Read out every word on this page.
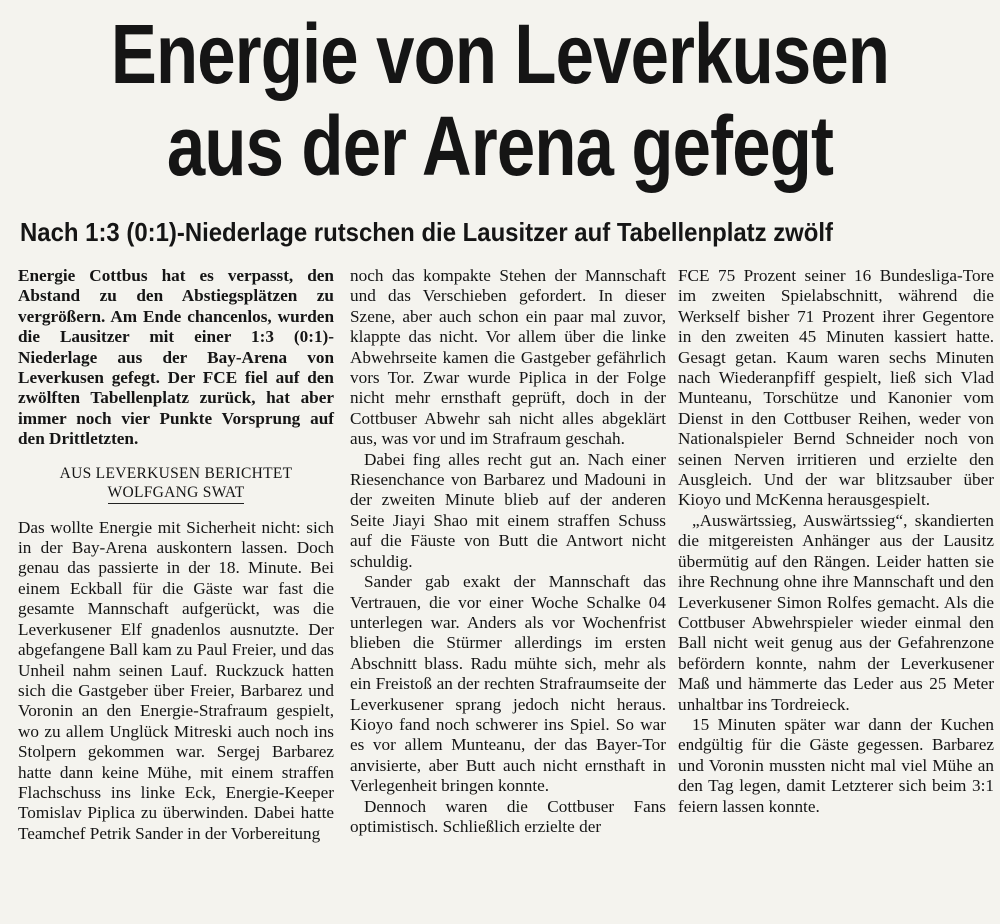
Energie von Leverkusen
aus der Arena gefegt
Nach 1:3 (0:1)-Niederlage rutschen die Lausitzer auf Tabellenplatz zwölf

Energie Cottbus hat es verpasst, den Abstand zu den Abstiegsplätzen zu vergrößern. Am Ende chancenlos, wurden die Lausitzer mit einer 1:3 (0:1)-Niederlage aus der Bay-Arena von Leverkusen gefegt. Der FCE fiel auf den zwölften Tabellenplatz zurück, hat aber immer noch vier Punkte Vorsprung auf den Drittletzten.

AUS LEVERKUSEN BERICHTET
WOLFGANG SWAT

Das wollte Energie mit Sicherheit nicht: sich in der Bay-Arena auskontern lassen. Doch genau das passierte in der 18. Minute. Bei einem Eckball für die Gäste war fast die gesamte Mannschaft aufgerückt, was die Leverkusener Elf gnadenlos ausnutzte. Der abgefangene Ball kam zu Paul Freier, und das Unheil nahm seinen Lauf. Ruckzuck hatten sich die Gastgeber über Freier, Barbarez und Voronin an den Energie-Strafraum gespielt, wo zu allem Unglück Mitreski auch noch ins Stolpern gekommen war. Sergej Barbarez hatte dann keine Mühe, mit einem straffen Flachschuss ins linke Eck, Energie-Keeper Tomislav Piplica zu überwinden. Dabei hatte Teamchef Petrik Sander in der Vorbereitung

noch das kompakte Stehen der Mannschaft und das Verschieben gefordert. In dieser Szene, aber auch schon ein paar mal zuvor, klappte das nicht. Vor allem über die linke Abwehrseite kamen die Gastgeber gefährlich vors Tor. Zwar wurde Piplica in der Folge nicht mehr ernsthaft geprüft, doch in der Cottbuser Abwehr sah nicht alles abgeklärt aus, was vor und im Strafraum geschah.

Dabei fing alles recht gut an. Nach einer Riesenchance von Barbarez und Madouni in der zweiten Minute blieb auf der anderen Seite Jiayi Shao mit einem straffen Schuss auf die Fäuste von Butt die Antwort nicht schuldig.

Sander gab exakt der Mannschaft das Vertrauen, die vor einer Woche Schalke 04 unterlegen war. Anders als vor Wochenfrist blieben die Stürmer allerdings im ersten Abschnitt blass. Radu mühte sich, mehr als ein Freistoß an der rechten Strafraumseite der Leverkusener sprang jedoch nicht heraus. Kioyo fand noch schwerer ins Spiel. So war es vor allem Munteanu, der das Bayer-Tor anvisierte, aber Butt auch nicht ernsthaft in Verlegenheit bringen konnte.

Dennoch waren die Cottbuser Fans optimistisch. Schließlich erzielte der

FCE 75 Prozent seiner 16 Bundesliga-Tore im zweiten Spielabschnitt, während die Werkself bisher 71 Prozent ihrer Gegentore in den zweiten 45 Minuten kassiert hatte. Gesagt getan. Kaum waren sechs Minuten nach Wiederanpfiff gespielt, ließ sich Vlad Munteanu, Torschütze und Kanonier vom Dienst in den Cottbuser Reihen, weder von Nationalspieler Bernd Schneider noch von seinen Nerven irritieren und erzielte den Ausgleich. Und der war blitzsauber über Kioyo und McKenna herausgespielt.

„Auswärtssieg, Auswärtssieg“, skandierten die mitgereisten Anhänger aus der Lausitz übermütig auf den Rängen. Leider hatten sie ihre Rechnung ohne ihre Mannschaft und den Leverkusener Simon Rolfes gemacht. Als die Cottbuser Abwehrspieler wieder einmal den Ball nicht weit genug aus der Gefahrenzone befördern konnte, nahm der Leverkusener Maß und hämmerte das Leder aus 25 Meter unhaltbar ins Tordreieck.

15 Minuten später war dann der Kuchen endgültig für die Gäste gegessen. Barbarez und Voronin mussten nicht mal viel Mühe an den Tag legen, damit Letzterer sich beim 3:1 feiern lassen konnte.
